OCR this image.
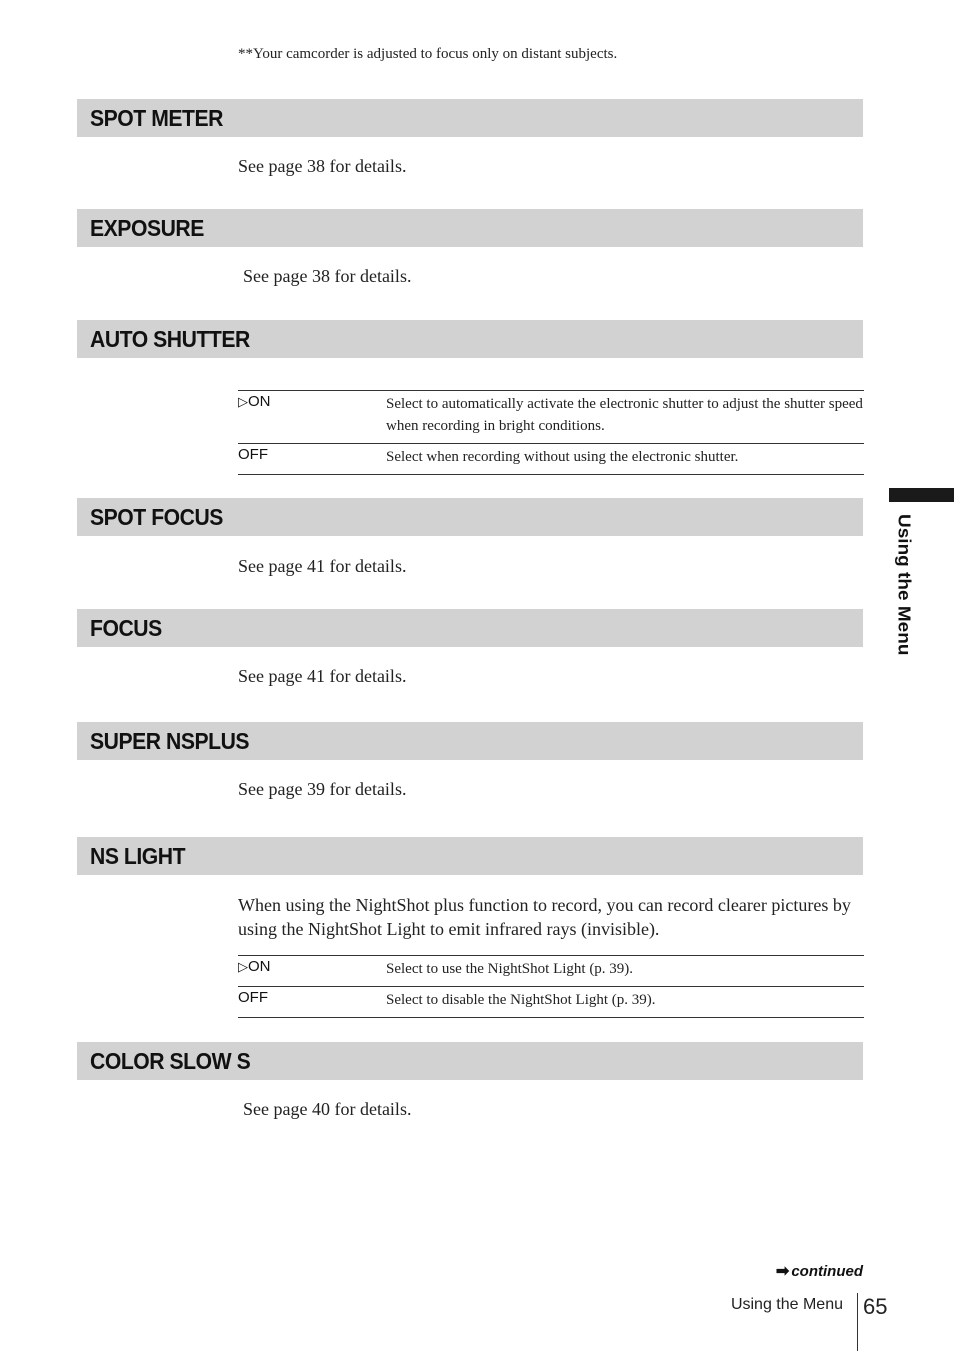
**Your camcorder is adjusted to focus only on distant subjects.
SPOT METER
See page 38 for details.
EXPOSURE
See page 38 for details.
AUTO SHUTTER
▷ON	Select to automatically activate the electronic shutter to adjust the shutter speed when recording in bright conditions.
OFF	Select when recording without using the electronic shutter.
SPOT FOCUS
See page 41 for details.
FOCUS
See page 41 for details.
SUPER NSPLUS
See page 39 for details.
NS LIGHT
When using the NightShot plus function to record, you can record clearer pictures by using the NightShot Light to emit infrared rays (invisible).
▷ON	Select to use the NightShot Light (p. 39).
OFF	Select to disable the NightShot Light (p. 39).
COLOR SLOW S
See page 40 for details.
Using the Menu
➡ continued
Using the Menu 65
